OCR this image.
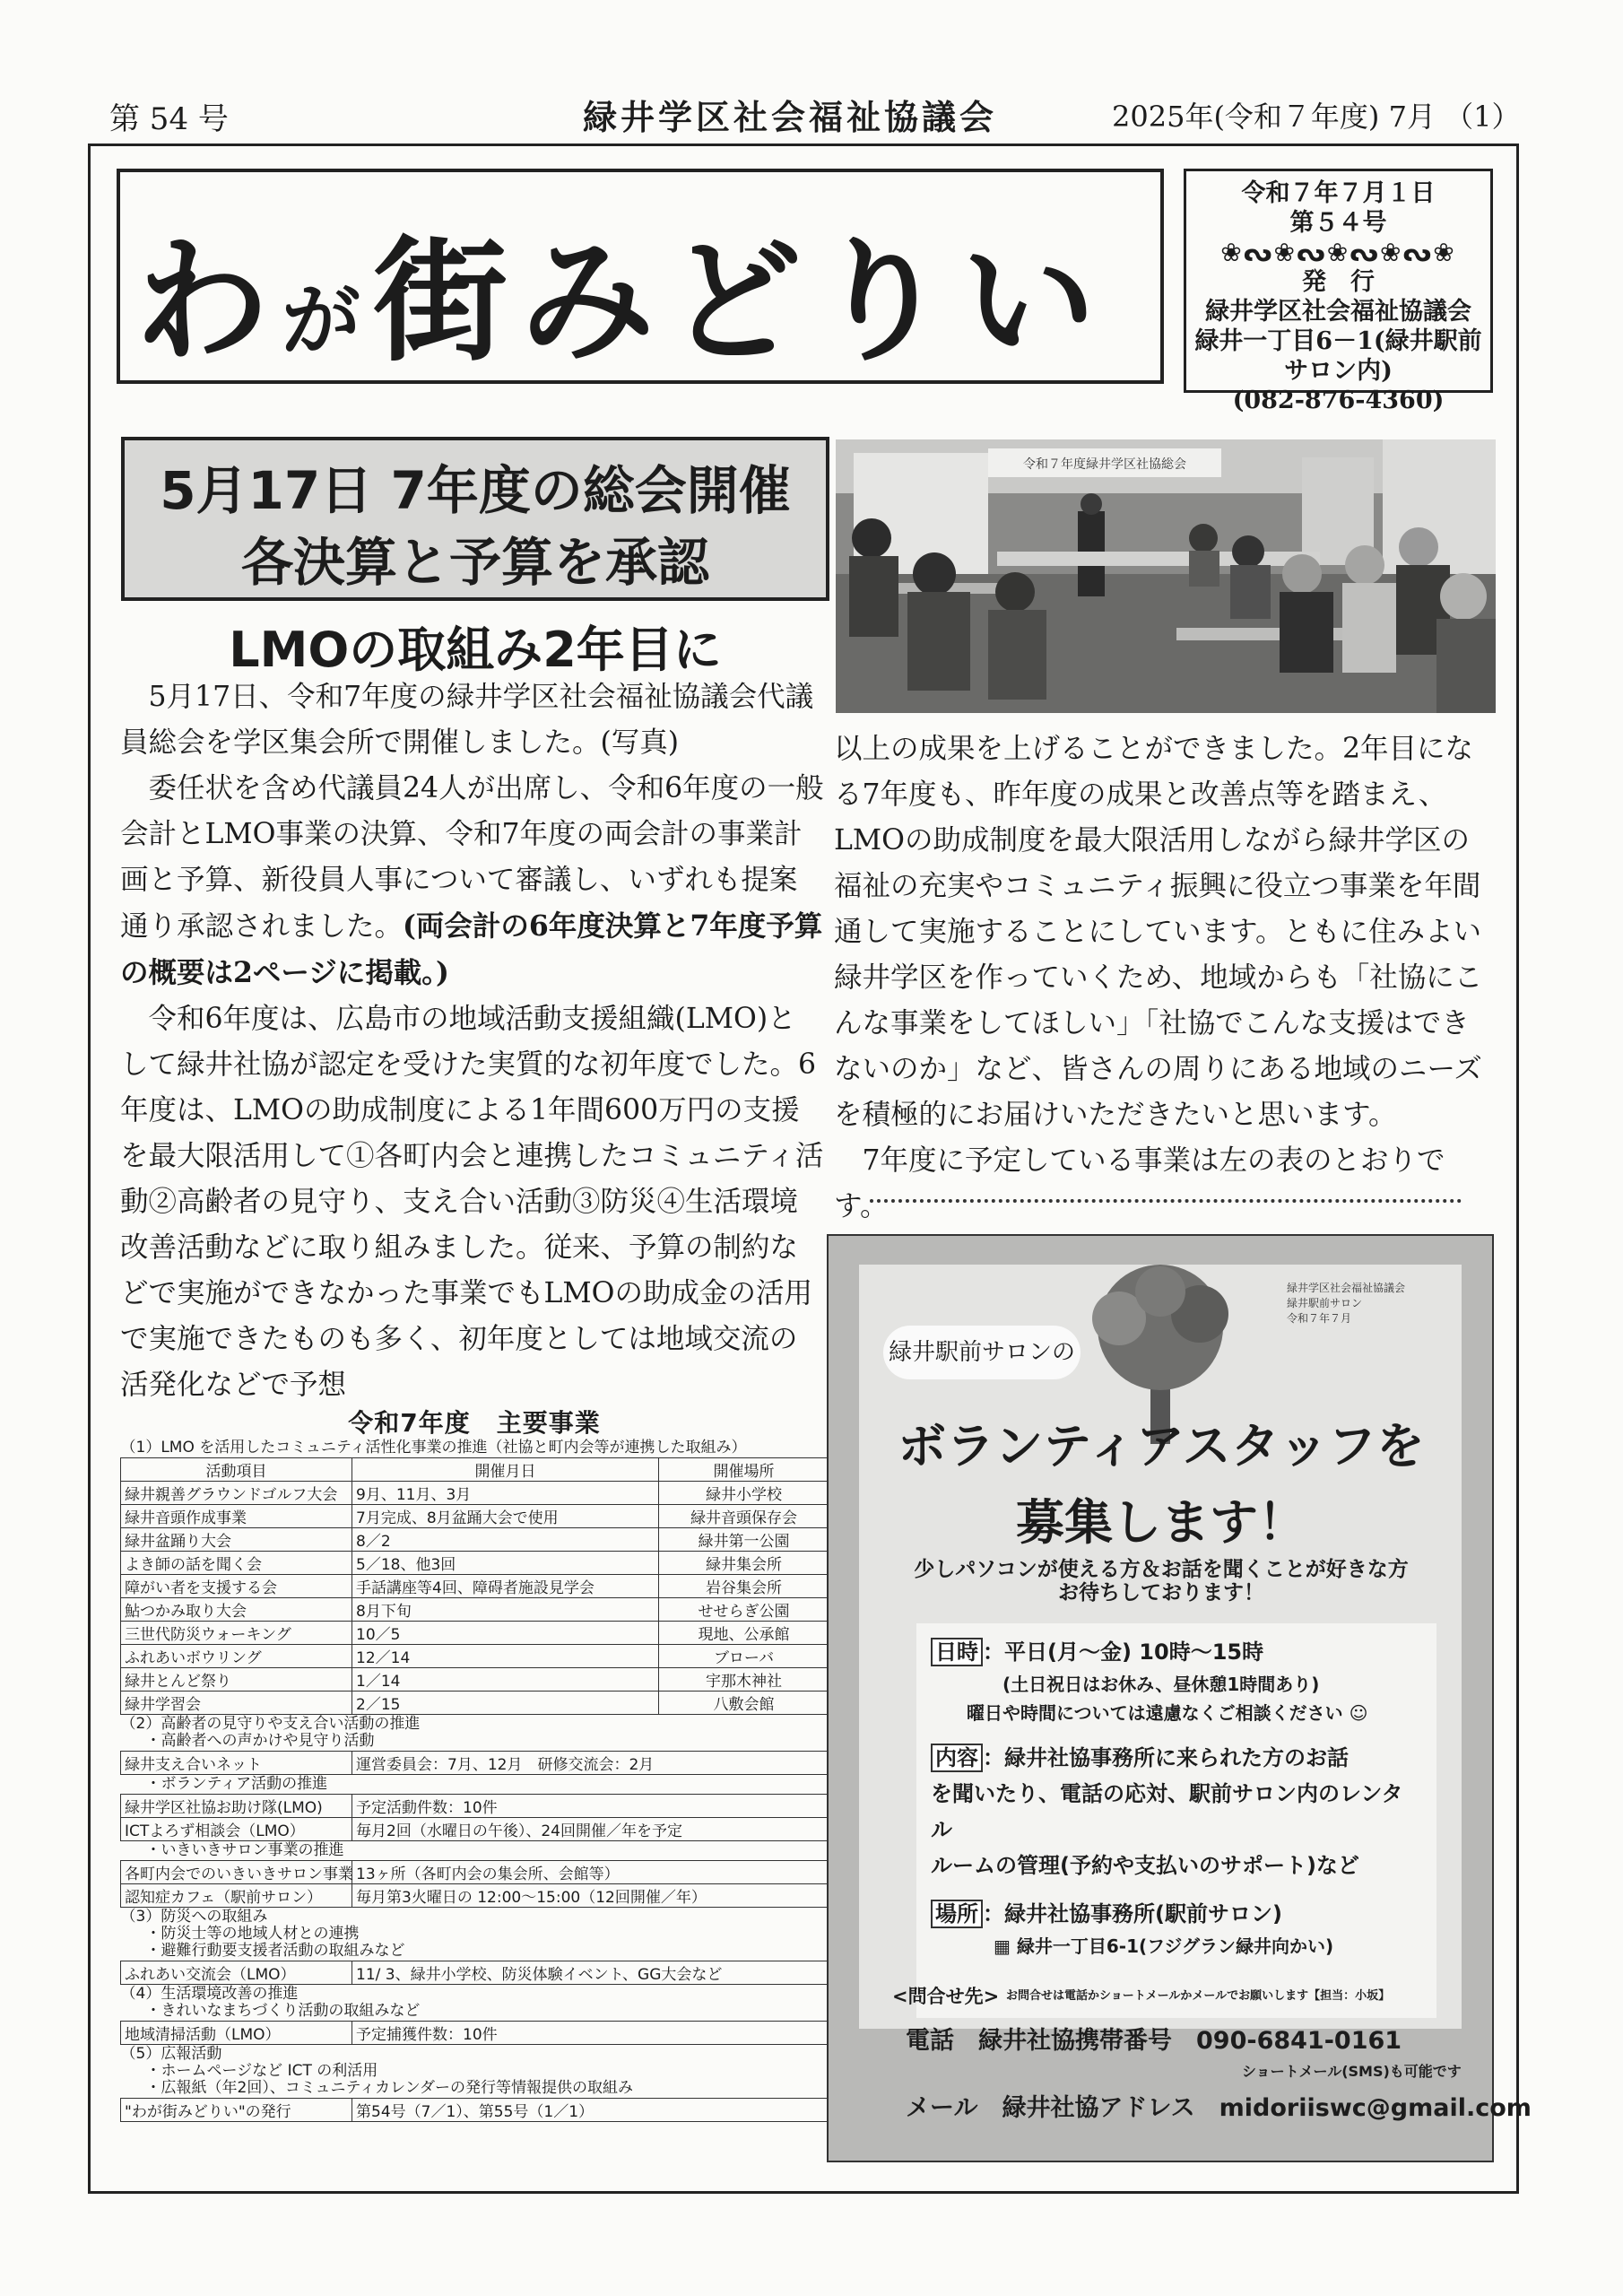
第 54 号	緑井学区社会福祉協議会	2025年(令和７年度) 7月 （1）
わが街みどりい
令和７年７月１日
第５４号
❀ᔓ❀ᔓ❀ᔓ❀ᔓ❀
発　行
緑井学区社会福祉協議会
緑井一丁目6－1(緑井駅前サロン内)
(082-876-4360)
5月17日 7年度の総会開催
各決算と予算を承認
LMOの取組み2年目に

5月17日、令和7年度の緑井学区社会福祉協議会代議員総会を学区集会所で開催しました。(写真)

委任状を含め代議員24人が出席し、令和6年度の一般会計とLMO事業の決算、令和7年度の両会計の事業計画と予算、新役員人事について審議し、いずれも提案通り承認されました。(両会計の6年度決算と7年度予算の概要は2ページに掲載。)

令和6年度は、広島市の地域活動支援組織(LMO)として緑井社協が認定を受けた実質的な初年度でした。6年度は、LMOの助成制度による1年間600万円の支援を最大限活用して①各町内会と連携したコミュニティ活動②高齢者の見守り、支え合い活動③防災④生活環境改善活動などに取り組みました。従来、予算の制約などで実施ができなかった事業でもLMOの助成金の活用で実施できたものも多く、初年度としては地域交流の活発化などで予想

令和７年度緑井学区社協総会

以上の成果を上げることができました。2年目になる7年度も、昨年度の成果と改善点等を踏まえ、LMOの助成制度を最大限活用しながら緑井学区の福祉の充実やコミュニティ振興に役立つ事業を年間通して実施することにしています。ともに住みよい緑井学区を作っていくため、地域からも「社協にこんな事業をしてほしい」「社協でこんな支援はできないのか」など、皆さんの周りにある地域のニーズを積極的にお届けいただきたいと思います。

7年度に予定している事業は左の表のとおりです。

令和7年度　主要事業
（1）LMO を活用したコミュニティ活性化事業の推進（社協と町内会等が連携した取組み）		
活動項目	開催月日	開催場所
緑井親善グラウンドゴルフ大会	9月、11月、3月	緑井小学校
緑井音頭作成事業	7月完成、8月盆踊大会で使用	緑井音頭保存会
緑井盆踊り大会	8／2	緑井第一公園
よき師の話を聞く会	5／18、他3回	緑井集会所
障がい者を支援する会	手話講座等4回、障碍者施設見学会	岩谷集会所
鮎つかみ取り大会	8月下旬	せせらぎ公園
三世代防災ウォーキング	10／5	現地、公承館
ふれあいボウリング	12／14	ブローバ
緑井とんど祭り	1／14	宇那木神社
緑井学習会	2／15	八敷会館

（2）高齢者の見守りや支え合い活動の推進
・高齢者への声かけや見守り活動		

緑井支え合いネット	運営委員会：7月、12月　研修交流会：2月	
・ボランティア活動の推進		
緑井学区社協お助け隊(LMO)	予定活動件数：10件	
ICTよろず相談会（LMO）	毎月2回（水曜日の午後）、24回開催／年を予定	
・いきいきサロン事業の推進		
各町内会でのいきいきサロン事業	13ヶ所（各町内会の集会所、会館等）	
認知症カフェ（駅前サロン）	毎月第3火曜日の 12:00～15:00（12回開催／年）	

（3）防災への取組み
・防災士等の地域人材との連携
・避難行動要支援者活動の取組みなど		

ふれあい交流会（LMO）	11/ 3、緑井小学校、防災体験イベント、GG大会など	

（4）生活環境改善の推進
・きれいなまちづくり活動の取組みなど		

地域清掃活動（LMO）	予定捕獲件数：10件	

（5）広報活動
・ホームページなど ICT の利活用
・広報紙（年2回）、コミュニティカレンダーの発行等情報提供の取組み		

"わが街みどりい"の発行	第54号（7／1）、第55号（1／1）	
緑井学区社会福祉協議会
緑井駅前サロン
令和７年７月
緑井駅前サロンの
ボランティアスタッフを
募集します！
少しパソコンが使える方＆お話を聞くことが好きな方
お待ちしております！
日時 ：平日(月～金) 10時～15時
(土日祝日はお休み、昼休憩1時間あり)
曜日や時間については遠慮なくご相談ください ☺
内容 ：緑井社協事務所に来られた方のお話
を聞いたり、電話の応対、駅前サロン内のレンタル
ルームの管理(予約や支払いのサポート)など
場所 ：緑井社協事務所(駅前サロン)
▦ 緑井一丁目6-1(フジグラン緑井向かい)
<問合せ先> お問合せは電話かショートメールかメールでお願いします【担当：小坂】
電話　緑井社協携帯番号　 090-6841-0161
ショートメール(SMS)も可能です
メール　緑井社協アドレス　 midoriiswc@gmail.com
